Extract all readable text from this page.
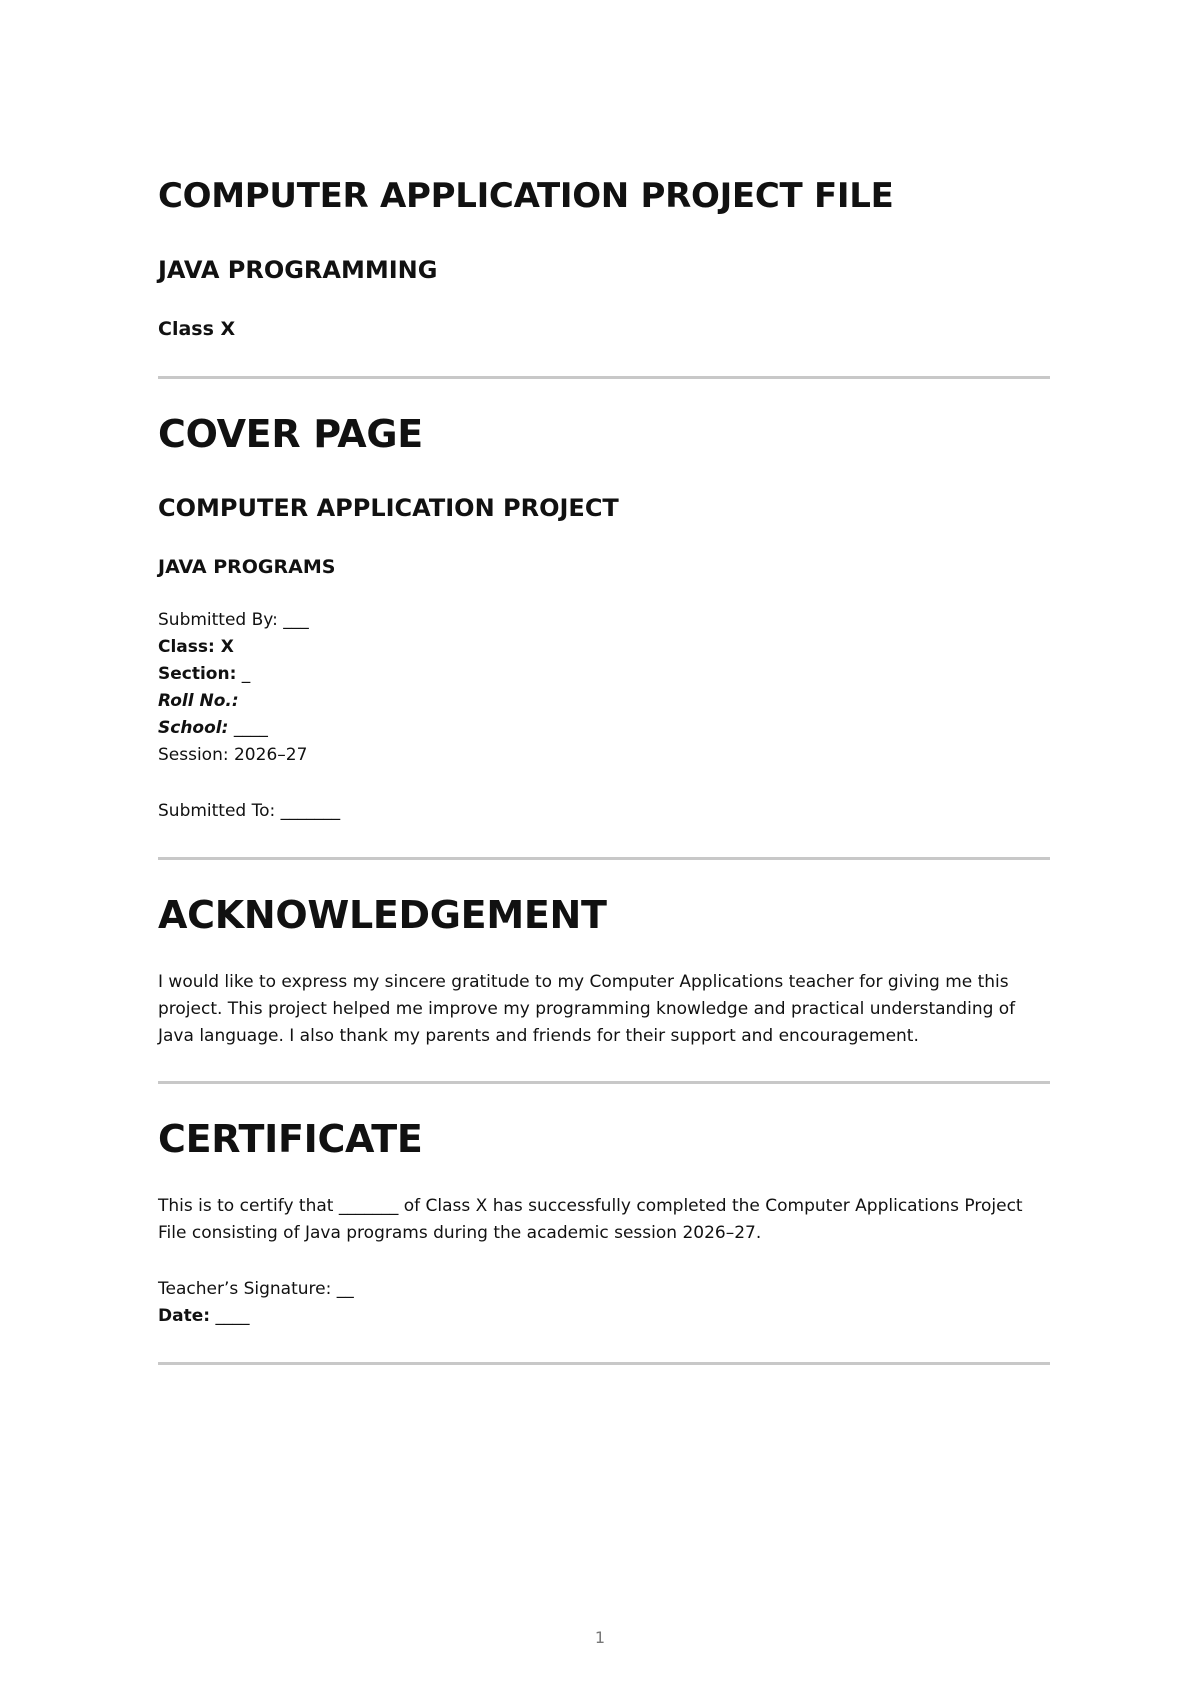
COMPUTER APPLICATION PROJECT FILE
JAVA PROGRAMMING
Class X
COVER PAGE
COMPUTER APPLICATION PROJECT
JAVA PROGRAMS
Submitted By: ___
Class: X
Section: _
Roll No.:
School: ____
Session: 2026–27
Submitted To: _______
ACKNOWLEDGEMENT

I would like to express my sincere gratitude to my Computer Applications teacher for giving me this project. This project helped me improve my programming knowledge and practical understanding of Java language. I also thank my parents and friends for their support and encouragement.

CERTIFICATE

This is to certify that _______ of Class X has successfully completed the Computer Applications Project File consisting of Java programs during the academic session 2026–27.

Teacher’s Signature: __
Date: ____
1
